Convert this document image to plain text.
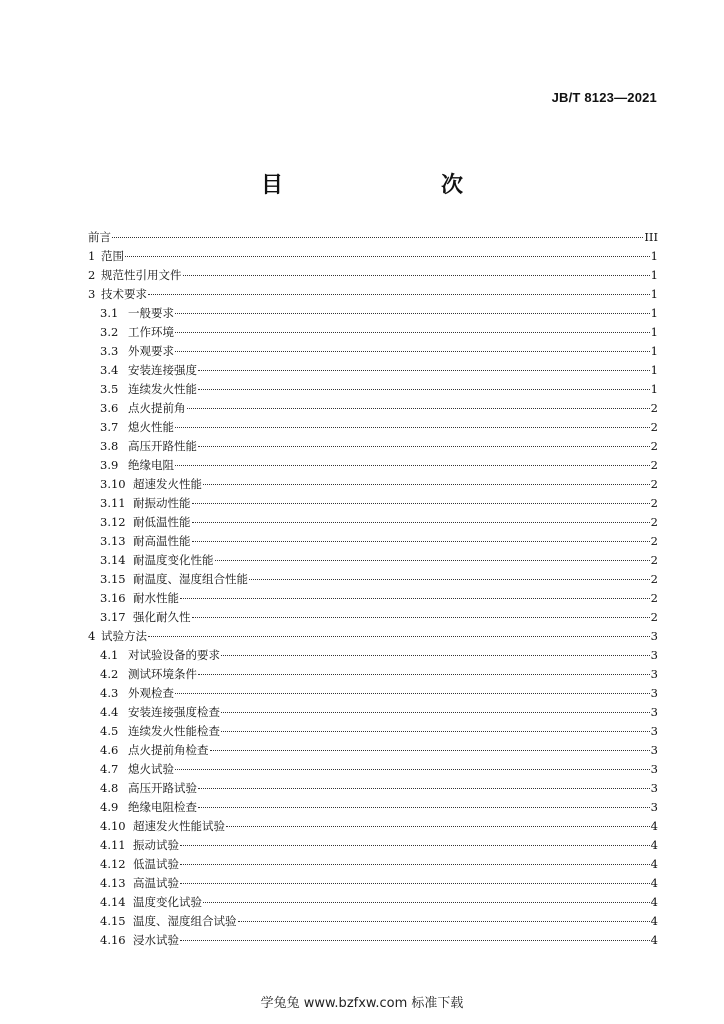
JB/T 8123—2021
目　　次
前言	III
1 范围	1
2 规范性引用文件	1
3 技术要求	1
3.1 一般要求	1
3.2 工作环境	1
3.3 外观要求	1
3.4 安装连接强度	1
3.5 连续发火性能	1
3.6 点火提前角	2
3.7 熄火性能	2
3.8 高压开路性能	2
3.9 绝缘电阻	2
3.10 超速发火性能	2
3.11 耐振动性能	2
3.12 耐低温性能	2
3.13 耐高温性能	2
3.14 耐温度变化性能	2
3.15 耐温度、湿度组合性能	2
3.16 耐水性能	2
3.17 强化耐久性	2
4 试验方法	3
4.1 对试验设备的要求	3
4.2 测试环境条件	3
4.3 外观检查	3
4.4 安装连接强度检查	3
4.5 连续发火性能检查	3
4.6 点火提前角检查	3
4.7 熄火试验	3
4.8 高压开路试验	3
4.9 绝缘电阻检查	3
4.10 超速发火性能试验	4
4.11 振动试验	4
4.12 低温试验	4
4.13 高温试验	4
4.14 温度变化试验	4
4.15 温度、湿度组合试验	4
4.16 浸水试验	4
学兔兔 www.bzfxw.com 标准下载
